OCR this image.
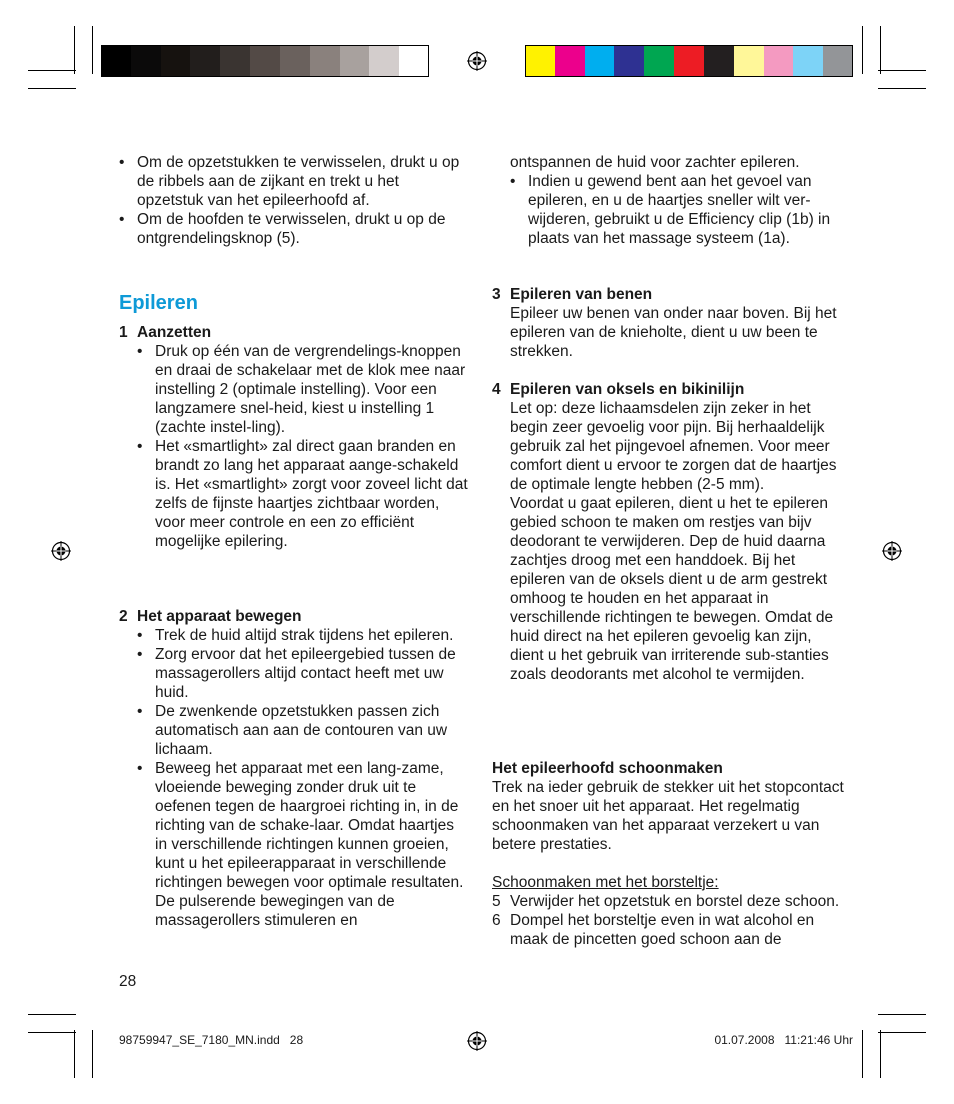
• Om de opzetstukken te verwisselen, drukt u op de ribbels aan de zijkant en trekt u het opzetstuk van het epileerhoofd af.

• Om de hoofden te verwisselen, drukt u op de ontgrendelingsknop (5).

Epileren

1 Aanzetten

• Druk op één van de vergrendelings-knoppen en draai de schakelaar met de klok mee naar instelling 2 (optimale instelling). Voor een langzamere snel-heid, kiest u instelling 1 (zachte instel-ling).

• Het «smartlight» zal direct gaan branden en brandt zo lang het apparaat aange-schakeld is. Het «smartlight» zorgt voor zoveel licht dat zelfs de fijnste haartjes zichtbaar worden, voor meer controle en een zo efficiënt mogelijke epilering.

2 Het apparaat bewegen

• Trek de huid altijd strak tijdens het epileren.

• Zorg ervoor dat het epileergebied tussen de massagerollers altijd contact heeft met uw huid.

• De zwenkende opzetstukken passen zich automatisch aan aan de contouren van uw lichaam.

• Beweeg het apparaat met een lang-zame, vloeiende beweging zonder druk uit te oefenen tegen de haargroei richting in, in de richting van de schake-laar. Omdat haartjes in verschillende richtingen kunnen groeien, kunt u het epileerapparaat in verschillende richtingen bewegen voor optimale resultaten. De pulserende bewegingen van de massagerollers stimuleren en

28

ontspannen de huid voor zachter epileren.

• Indien u gewend bent aan het gevoel van epileren, en u de haartjes sneller wilt ver-wijderen, gebruikt u de Efficiency clip (1b) in plaats van het massage systeem (1a).

3 Epileren van benen

Epileer uw benen van onder naar boven. Bij het epileren van de knieholte, dient u uw been te strekken.

4 Epileren van oksels en bikinilijn

Let op: deze lichaamsdelen zijn zeker in het begin zeer gevoelig voor pijn. Bij herhaaldelijk gebruik zal het pijngevoel afnemen. Voor meer comfort dient u ervoor te zorgen dat de haartjes de optimale lengte hebben (2-5 mm).

Voordat u gaat epileren, dient u het te epileren gebied schoon te maken om restjes van bijv deodorant te verwijderen. Dep de huid daarna zachtjes droog met een handdoek. Bij het epileren van de oksels dient u de arm gestrekt omhoog te houden en het apparaat in verschillende richtingen te bewegen. Omdat de huid direct na het epileren gevoelig kan zijn, dient u het gebruik van irriterende sub-stanties zoals deodorants met alcohol te vermijden.

Het epileerhoofd schoonmaken

Trek na ieder gebruik de stekker uit het stopcontact en het snoer uit het apparaat. Het regelmatig schoonmaken van het apparaat verzekert u van betere prestaties.

Schoonmaken met het borsteltje:

5 Verwijder het opzetstuk en borstel deze schoon.

6 Dompel het borsteltje even in wat alcohol en maak de pincetten goed schoon aan de

98759947_SE_7180_MN.indd   28	01.07.2008   11:21:46 Uhr
